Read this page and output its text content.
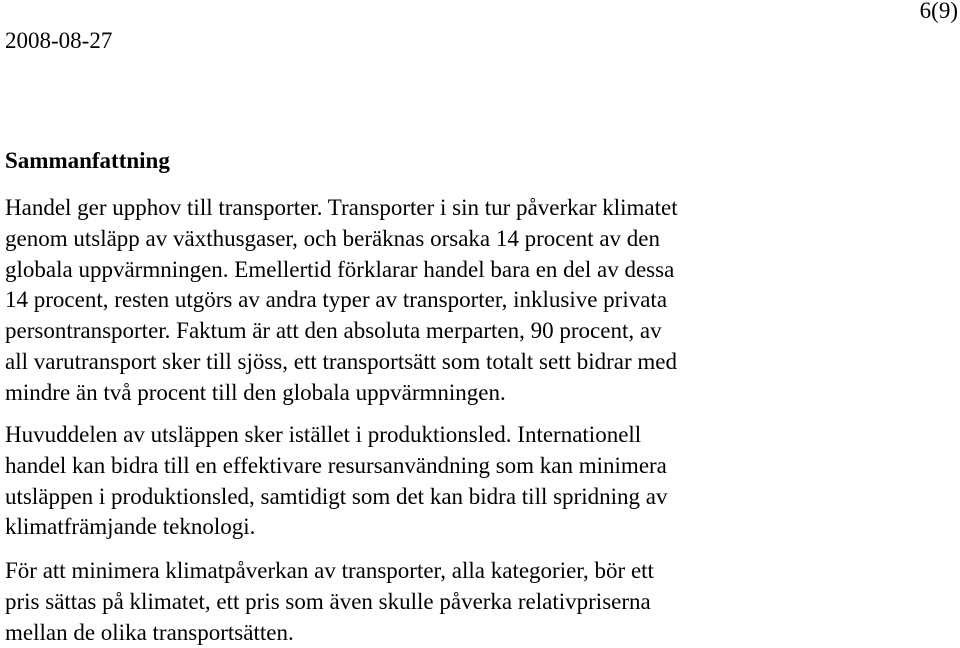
2008-08-27
6(9)
Sammanfattning

Handel ger upphov till transporter. Transporter i sin tur påverkar klimatet
genom utsläpp av växthusgaser, och beräknas orsaka 14 procent av den
globala uppvärmningen. Emellertid förklarar handel bara en del av dessa
14 procent, resten utgörs av andra typer av transporter, inklusive privata
persontransporter. Faktum är att den absoluta merparten, 90 procent, av
all varutransport sker till sjöss, ett transportsätt som totalt sett bidrar med
mindre än två procent till den globala uppvärmningen.

Huvuddelen av utsläppen sker istället i produktionsled. Internationell
handel kan bidra till en effektivare resursanvändning som kan minimera
utsläppen i produktionsled, samtidigt som det kan bidra till spridning av
klimatfrämjande teknologi.

För att minimera klimatpåverkan av transporter, alla kategorier, bör ett
pris sättas på klimatet, ett pris som även skulle påverka relativpriserna
mellan de olika transportsätten.
